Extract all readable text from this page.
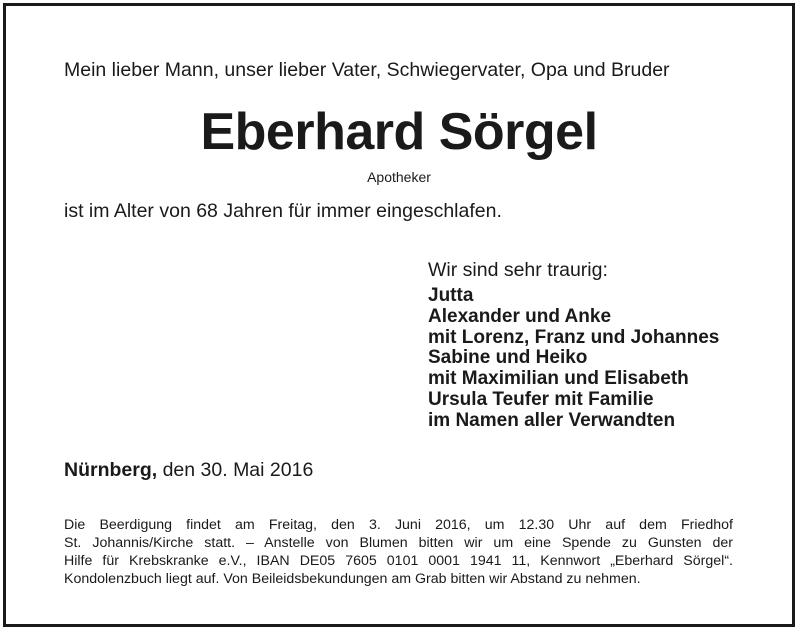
Mein lieber Mann, unser lieber Vater, Schwiegervater, Opa und Bruder
Eberhard Sörgel
Apotheker
ist im Alter von 68 Jahren für immer eingeschlafen.
Wir sind sehr traurig:
Jutta
Alexander und Anke
mit Lorenz, Franz und Johannes
Sabine und Heiko
mit Maximilian und Elisabeth
Ursula Teufer mit Familie
im Namen aller Verwandten
Nürnberg, den 30. Mai 2016

Die Beerdigung findet am Freitag, den 3. Juni 2016, um 12.30 Uhr auf dem Friedhof

St. Johannis/Kirche statt. – Anstelle von Blumen bitten wir um eine Spende zu Gunsten der

Hilfe für Krebskranke e.V., IBAN DE05 7605 0101 0001 1941 11, Kennwort „Eberhard Sörgel“.

Kondolenzbuch liegt auf. Von Beileidsbekundungen am Grab bitten wir Abstand zu nehmen.
